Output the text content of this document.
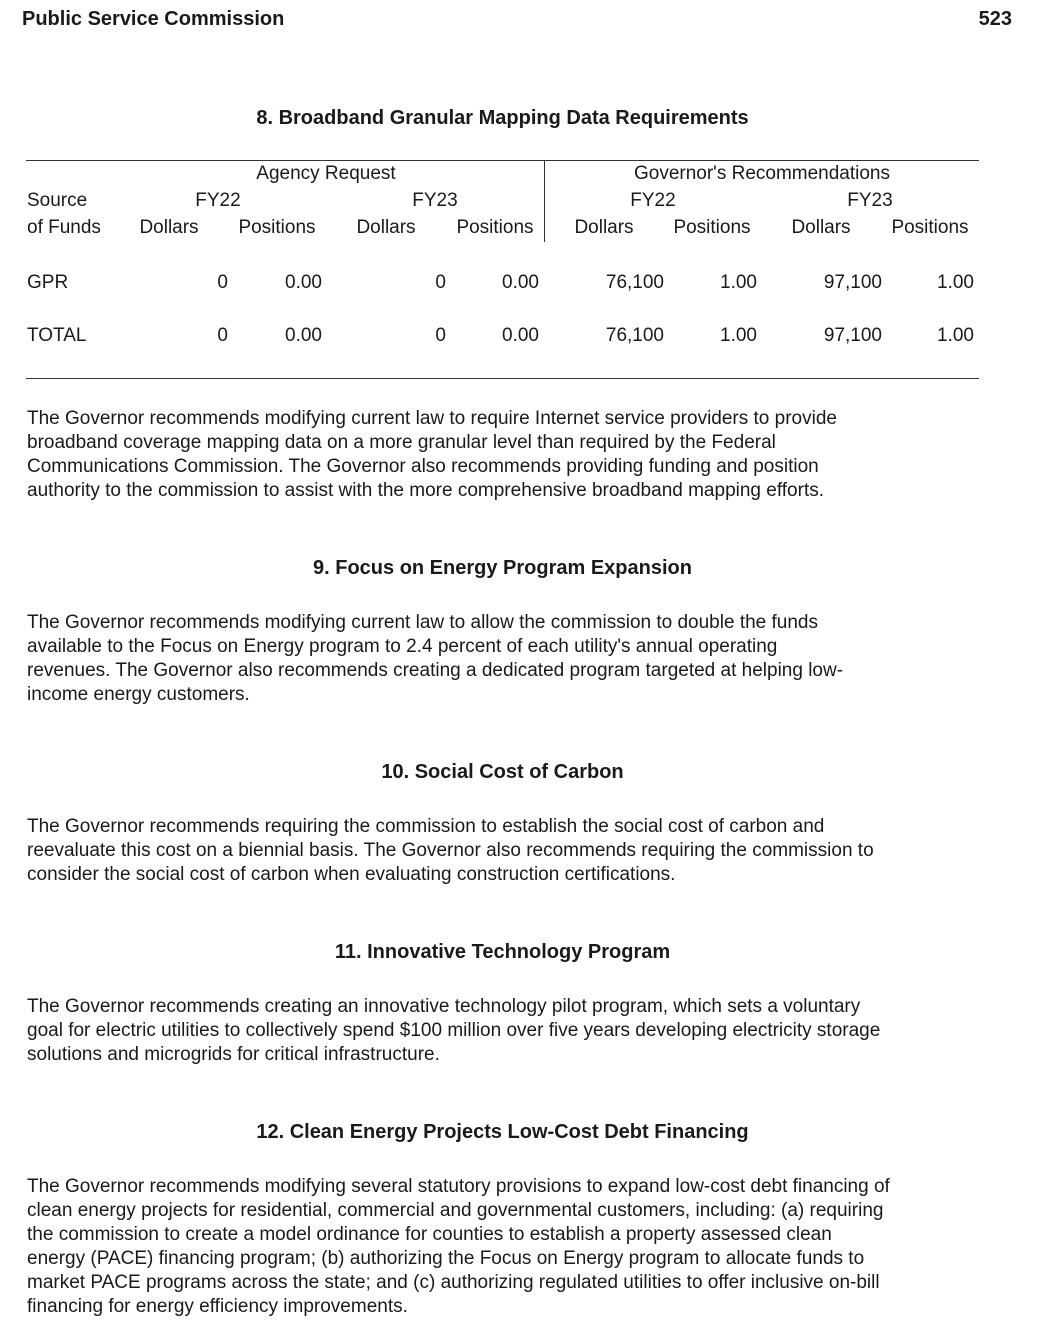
Public Service Commission	523
8. Broadband Granular Mapping Data Requirements
Agency Request	Governor's Recommendations
Source	FY22	FY23	FY22	FY23
of Funds	Dollars	Positions	Dollars	Positions	Dollars	Positions	Dollars	Positions
GPR	0	0.00	0	0.00	76,100	1.00	97,100	1.00
TOTAL	0	0.00	0	0.00	76,100	1.00	97,100	1.00
The Governor recommends modifying current law to require Internet service providers to provide
broadband coverage mapping data on a more granular level than required by the Federal
Communications Commission. The Governor also recommends providing funding and position
authority to the commission to assist with the more comprehensive broadband mapping efforts.
9. Focus on Energy Program Expansion
The Governor recommends modifying current law to allow the commission to double the funds
available to the Focus on Energy program to 2.4 percent of each utility's annual operating
revenues. The Governor also recommends creating a dedicated program targeted at helping low-
income energy customers.
10. Social Cost of Carbon
The Governor recommends requiring the commission to establish the social cost of carbon and
reevaluate this cost on a biennial basis. The Governor also recommends requiring the commission to
consider the social cost of carbon when evaluating construction certifications.
11. Innovative Technology Program
The Governor recommends creating an innovative technology pilot program, which sets a voluntary
goal for electric utilities to collectively spend $100 million over five years developing electricity storage
solutions and microgrids for critical infrastructure.
12. Clean Energy Projects Low-Cost Debt Financing
The Governor recommends modifying several statutory provisions to expand low-cost debt financing of
clean energy projects for residential, commercial and governmental customers, including: (a) requiring
the commission to create a model ordinance for counties to establish a property assessed clean
energy (PACE) financing program; (b) authorizing the Focus on Energy program to allocate funds to
market PACE programs across the state; and (c) authorizing regulated utilities to offer inclusive on-bill
financing for energy efficiency improvements.
